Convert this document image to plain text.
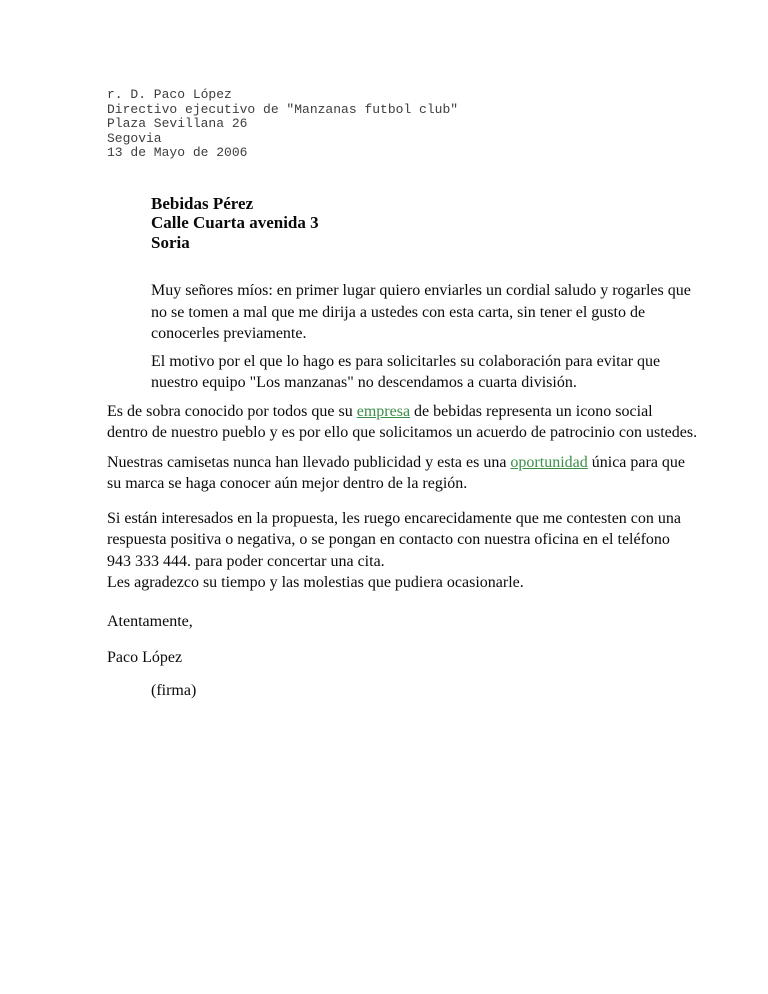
r. D. Paco López
Directivo ejecutivo de "Manzanas futbol club"
Plaza Sevillana 26
Segovia
13 de Mayo de 2006
Bebidas Pérez
Calle Cuarta avenida 3
Soria
Muy señores míos: en primer lugar quiero enviarles un cordial saludo y rogarles que
no se tomen a mal que me dirija a ustedes con esta carta, sin tener el gusto de
conocerles previamente.
El motivo por el que lo hago es para solicitarles su colaboración para evitar que
nuestro equipo "Los manzanas" no descendamos a cuarta división.
Es de sobra conocido por todos que su empresa de bebidas representa un icono social
dentro de nuestro pueblo y es por ello que solicitamos un acuerdo de patrocinio con ustedes.
Nuestras camisetas nunca han llevado publicidad y esta es una oportunidad única para que
su marca se haga conocer aún mejor dentro de la región.
Si están interesados en la propuesta, les ruego encarecidamente que me contesten con una
respuesta positiva o negativa, o se pongan en contacto con nuestra oficina en el teléfono
943 333 444. para poder concertar una cita.
Les agradezco su tiempo y las molestias que pudiera ocasionarle.
Atentamente,
Paco López
(firma)
